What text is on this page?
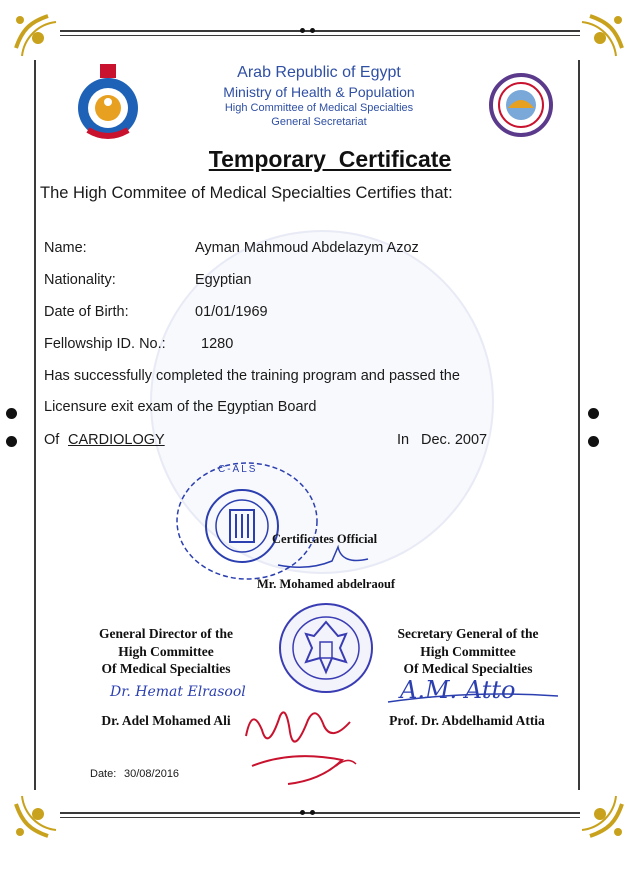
Arab Republic of Egypt
Ministry of Health & Population
High Committee of Medical Specialties
General Secretariat
Temporary  Certificate
The High Commitee of Medical Specialties Certifies that:
Name:	Ayman Mahmoud Abdelazym Azoz
Nationality:	Egyptian
Date of Birth:	01/01/1969
Fellowship ID. No.: 1280
Has successfully completed the training program and passed the
Licensure exit exam of the Egyptian Board
Of CARDIOLOGY	In Dec. 2007
C-ALS
Certificates Official
Mr. Mohamed abdelraouf
General Director of the
High Committee
Of Medical Specialties
Dr. Hemat Elrasool
Dr. Adel Mohamed Ali
Secretary General of the
High Committee
Of Medical Specialties
A.M. Atto
Prof. Dr. Abdelhamid Attia
Date: 30/08/2016
